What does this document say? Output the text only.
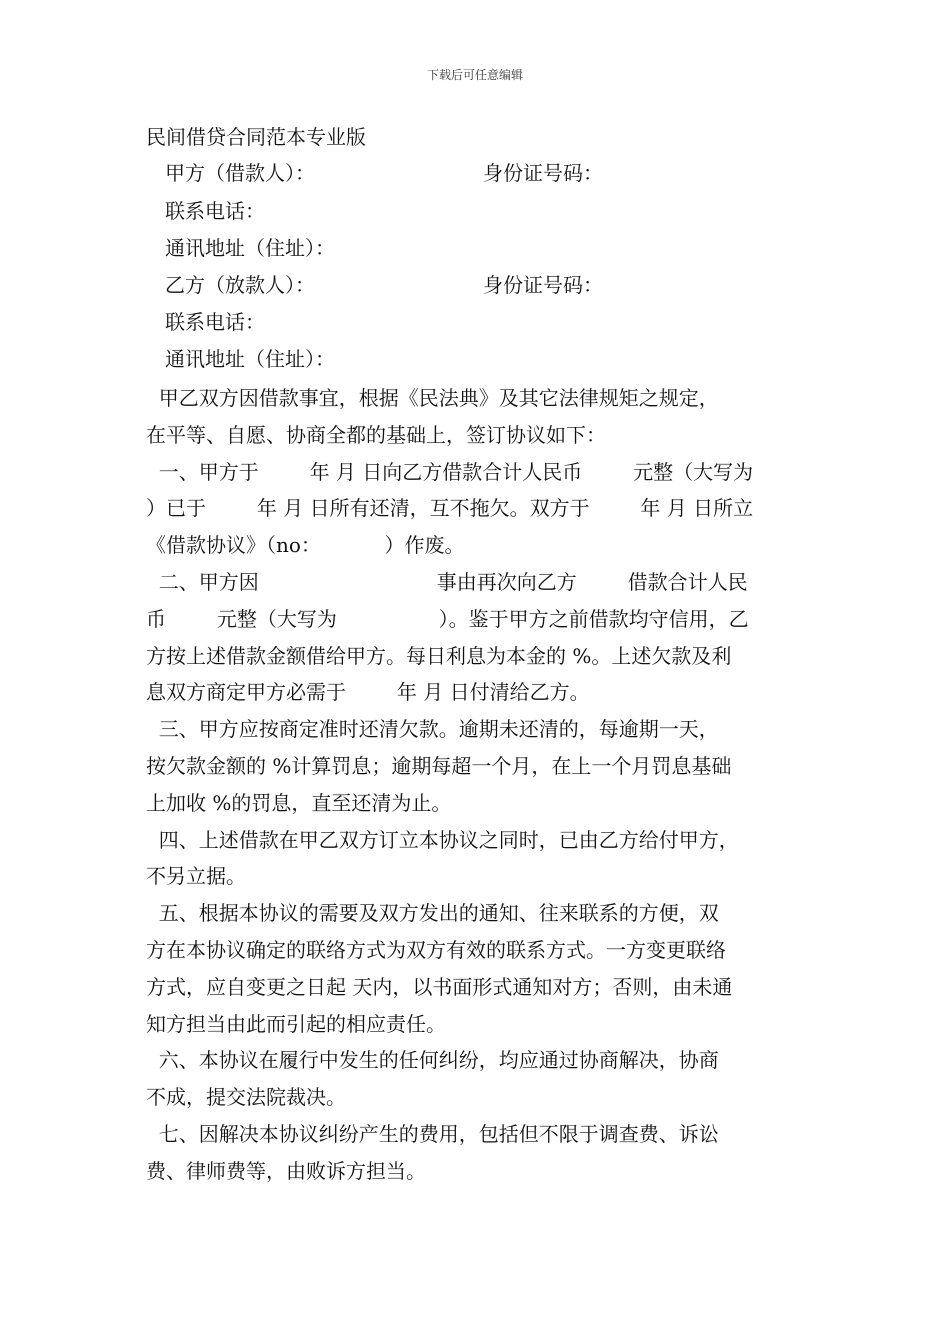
下载后可任意编辑
民间借贷合同范本专业版
甲方（借款人）：	身份证号码：
联系电话：
通讯地址（住址）：
乙方（放款人）：	身份证号码：
联系电话：
通讯地址（住址）：
甲乙双方因借款事宜，根据《民法典》及其它法律规矩之规定，
在平等、自愿、协商全都的基础上，签订协议如下：
一、甲方于        年 月 日向乙方借款合计人民币        元整（大写为
）已于        年 月 日所有还清，互不拖欠。双方于        年 月 日所立
《借款协议》（no：          ）作废。
二、甲方因                            事由再次向乙方        借款合计人民
币        元整（大写为                ）。鉴于甲方之前借款均守信用，乙
方按上述借款金额借给甲方。每日利息为本金的 %。上述欠款及利
息双方商定甲方必需于        年 月 日付清给乙方。
三、甲方应按商定准时还清欠款。逾期未还清的，每逾期一天，
按欠款金额的 %计算罚息；逾期每超一个月，在上一个月罚息基础
上加收 %的罚息，直至还清为止。
四、上述借款在甲乙双方订立本协议之同时，已由乙方给付甲方，
不另立据。
五、根据本协议的需要及双方发出的通知、往来联系的方便，双
方在本协议确定的联络方式为双方有效的联系方式。一方变更联络
方式，应自变更之日起 天内，以书面形式通知对方；否则，由未通
知方担当由此而引起的相应责任。
六、本协议在履行中发生的任何纠纷，均应通过协商解决，协商
不成，提交法院裁决。
七、因解决本协议纠纷产生的费用，包括但不限于调查费、诉讼
费、律师费等，由败诉方担当。
